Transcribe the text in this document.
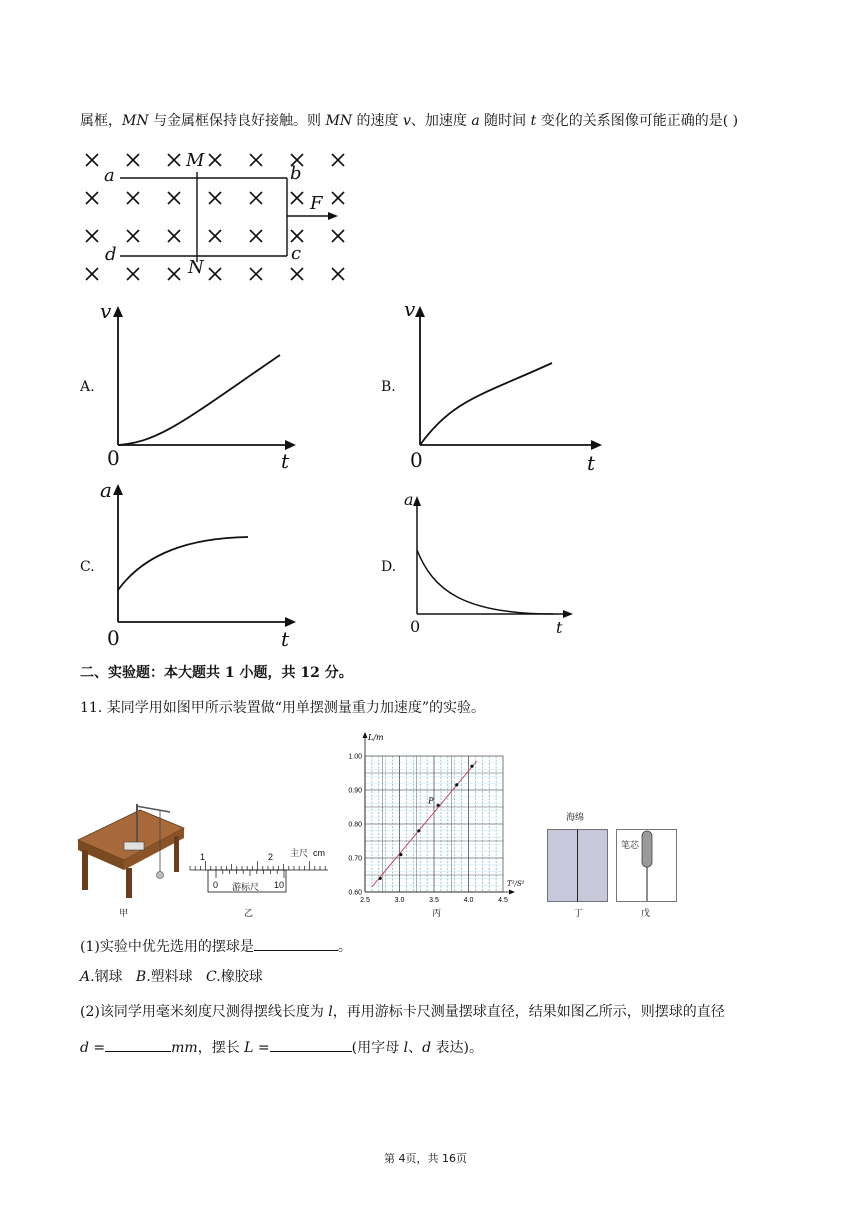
属框，MN 与金属框保持良好接触。则 MN 的速度 v、加速度 a 随时间 t 变化的关系图像可能正确的是( )
a	b
c
d
M
N
F
A.
v
t
0
B.
v
t
0
C.
a
t
0
D.
a
t
0
二、实验题：本大题共 1 小题，共 12 分。
11. 某同学用如图甲所示装置做“用单摆测量重力加速度”的实验。
甲
1	2 主尺 cm
0 游标尺 10
乙
L/m
T²/S²
P
2.5	3.0	3.5	4.0	4.5
0.60
0.70
0.80
0.90
1.00
丙
海绵
丁
笔芯
戊
(1)实验中优先选用的摆球是	。
A.钢球 B.塑料球 C.橡胶球
(2)该同学用毫米刻度尺测得摆线长度为 l，再用游标卡尺测量摆球直径，结果如图乙所示，则摆球的直径
d =	mm，摆长 L =	(用字母 l、d 表达)。
第 4页，共 16页
